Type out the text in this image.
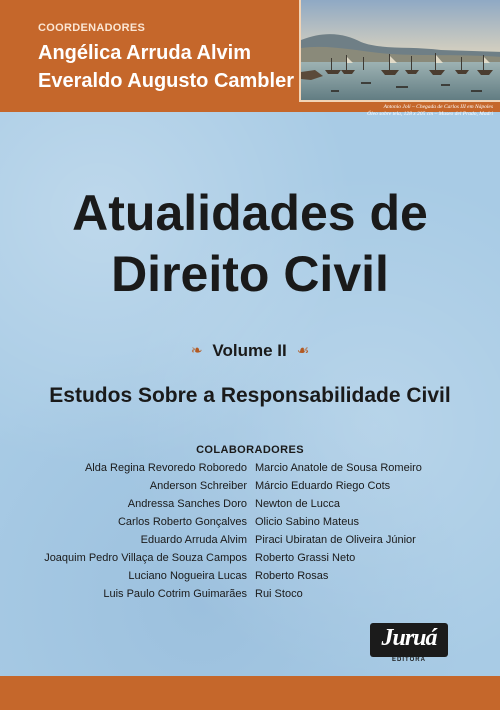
COORDENADORES
Angélica Arruda Alvim
Everaldo Augusto Cambler
Antonio Joli – Chegada de Carlos III em Nápoles
Óleo sobre tela, 128 x 205 cm – Museo del Prado, Madri
Atualidades de
Direito Civil
❧ Volume II ☙
Estudos Sobre a Responsabilidade Civil
COLABORADORES
Alda Regina Revoredo Roboredo
Anderson Schreiber
Andressa Sanches Doro
Carlos Roberto Gonçalves
Eduardo Arruda Alvim
Joaquim Pedro Villaça de Souza Campos
Luciano Nogueira Lucas
Luis Paulo Cotrim Guimarães
Marcio Anatole de Sousa Romeiro
Márcio Eduardo Riego Cots
Newton de Lucca
Olicio Sabino Mateus
Piraci Ubiratan de Oliveira Júnior
Roberto Grassi Neto
Roberto Rosas
Rui Stoco
Juruá
EDITORA
